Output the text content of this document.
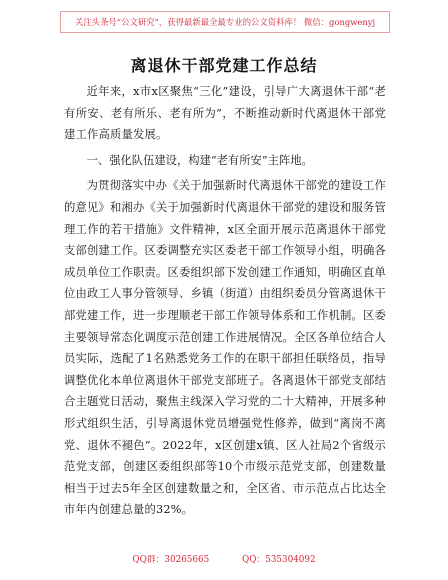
关注头条号“公文研究”，获得最新最全最专业的公文资料库！ 微信：gongwenyj
离退休干部党建工作总结

近年来，x市x区聚焦“三化”建设，引导广大离退休干部“老有所安、老有所乐、老有所为”，不断推动新时代离退休干部党建工作高质量发展。

一、强化队伍建设，构建“老有所安”主阵地。

为贯彻落实中办《关于加强新时代离退休干部党的建设工作的意见》和湘办《关于加强新时代离退休干部党的建设和服务管理工作的若干措施》文件精神，x区全面开展示范离退休干部党支部创建工作。区委调整充实区委老干部工作领导小组，明确各成员单位工作职责。区委组织部下发创建工作通知，明确区直单位由政工人事分管领导、乡镇（街道）由组织委员分管离退休干部党建工作，进一步理顺老干部工作领导体系和工作机制。区委主要领导常态化调度示范创建工作进展情况。全区各单位结合人员实际，选配了1名熟悉党务工作的在职干部担任联络员，指导调整优化本单位离退休干部党支部班子。各离退休干部党支部结合主题党日活动，聚焦主线深入学习党的二十大精神，开展多种形式组织生活，引导离退休党员增强党性修养，做到“离岗不离党、退休不褪色”。2022年，x区创建x镇、区人社局2个省级示范党支部，创建区委组织部等10个市级示范党支部，创建数量相当于过去5年全区创建数量之和，全区省、市示范点占比达全市年内创建总量的32%。

QQ群：30265665	QQ：535304092
